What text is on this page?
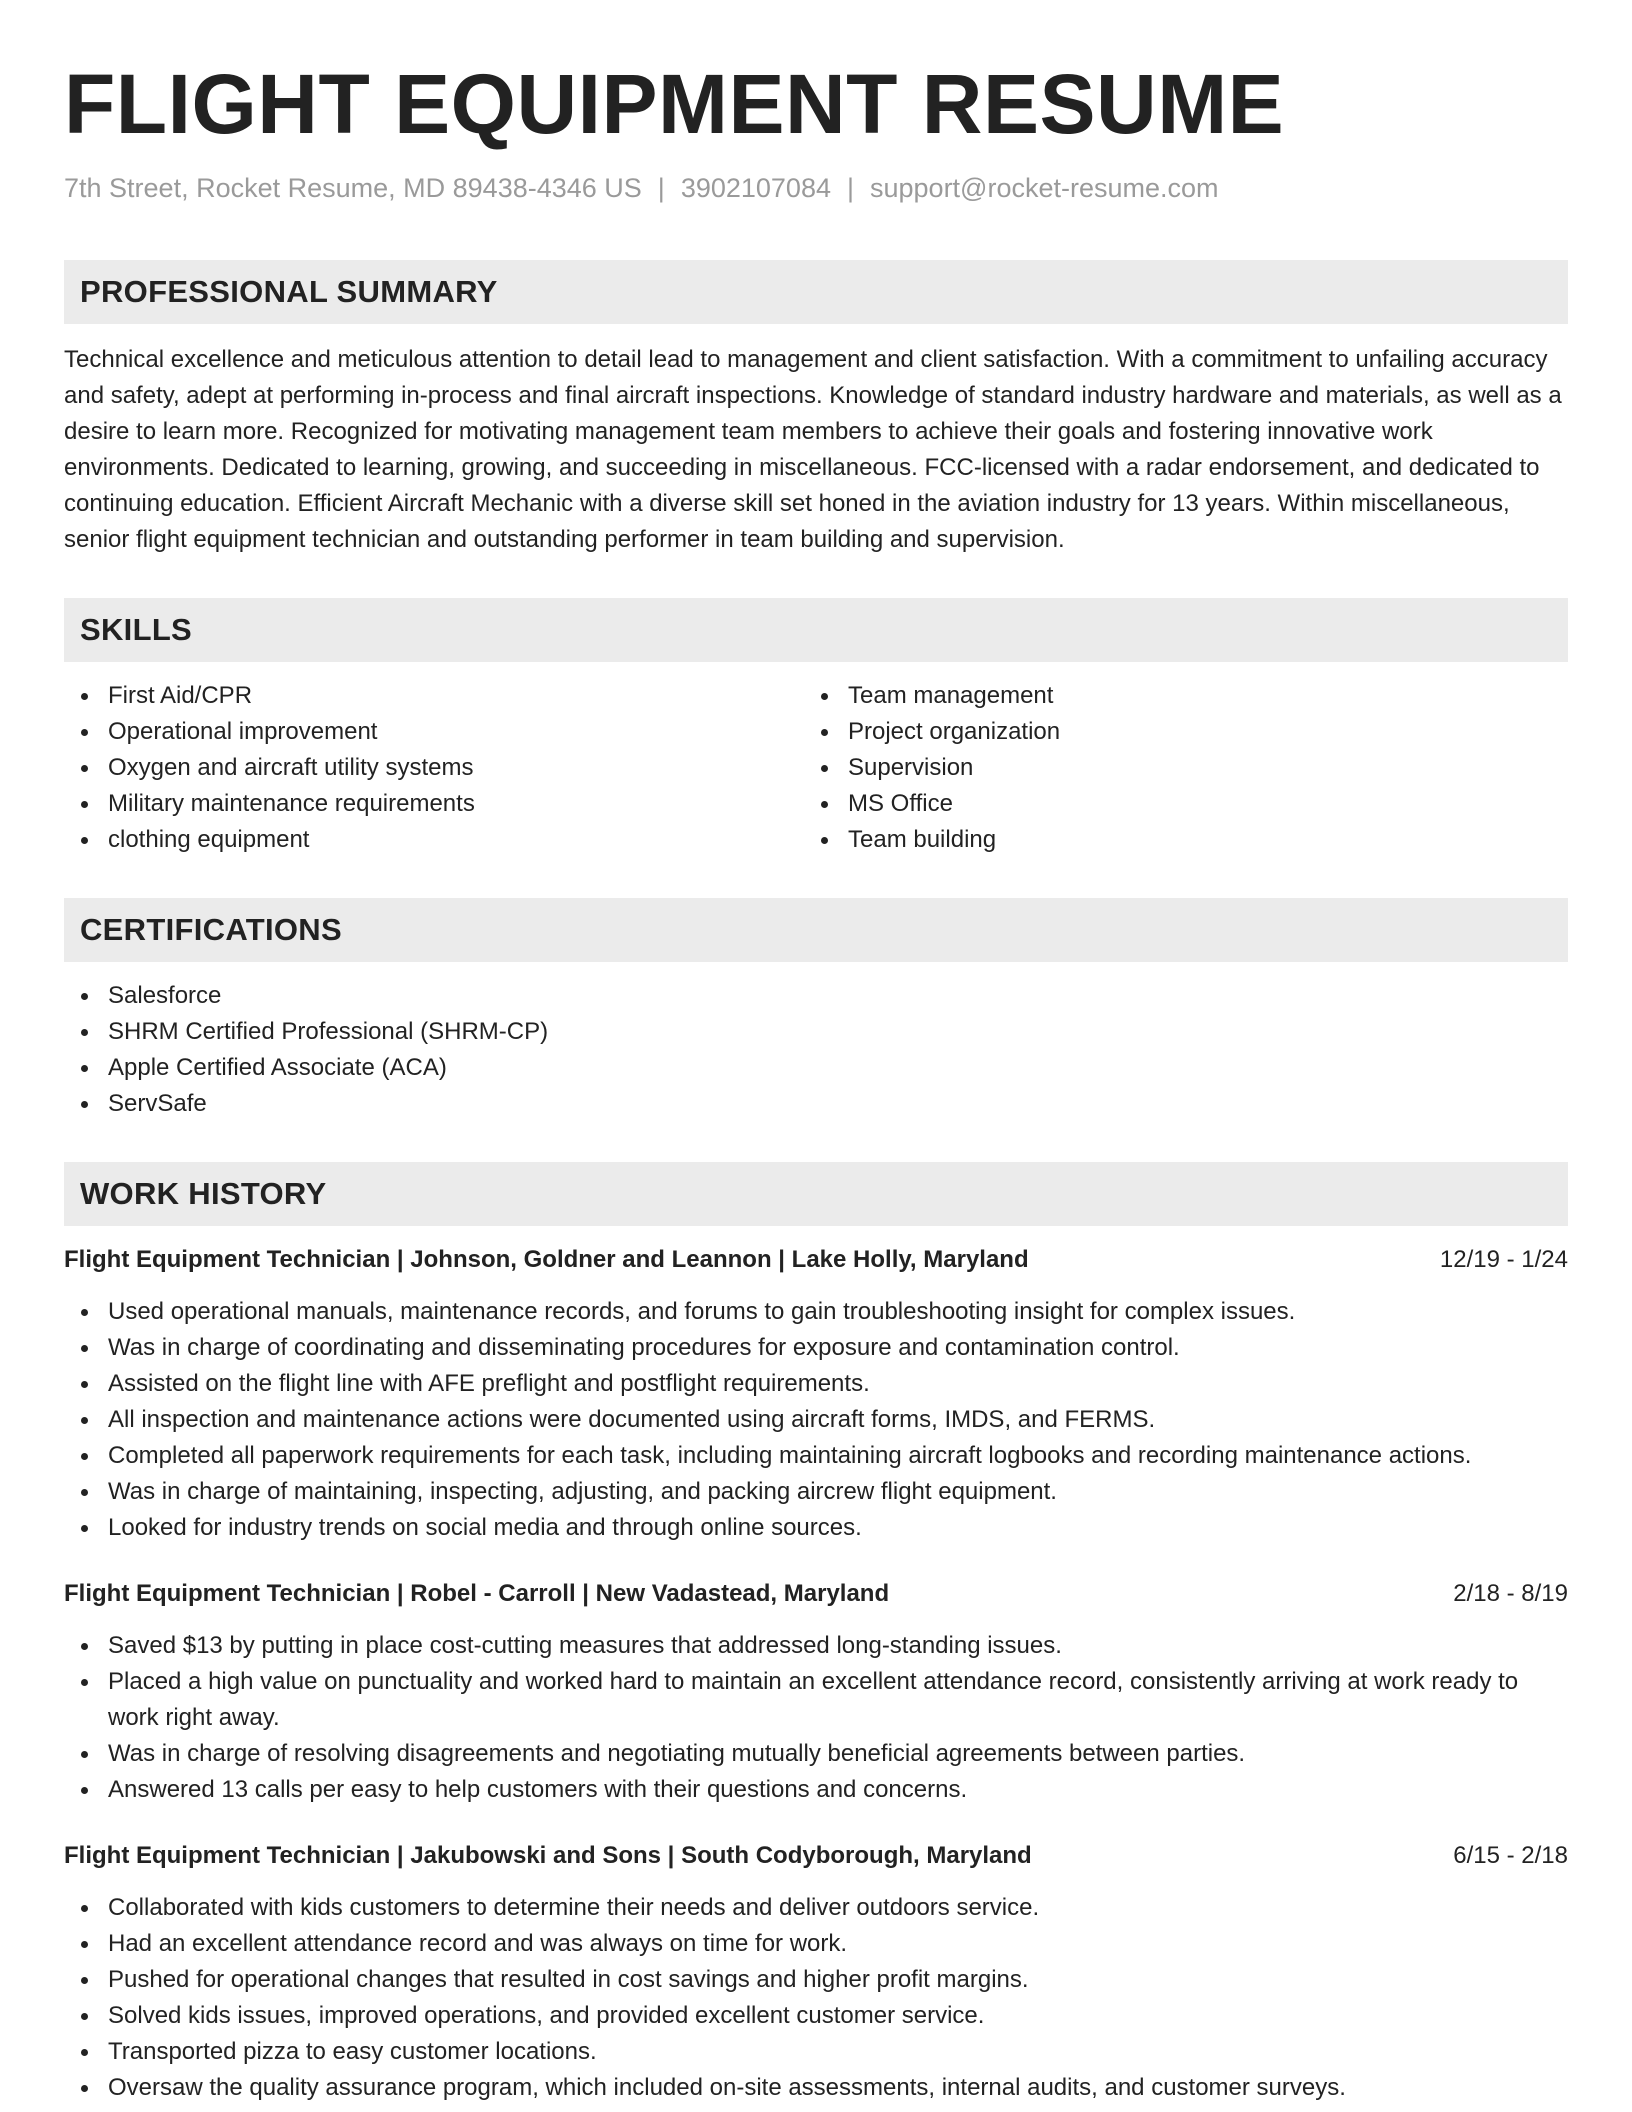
FLIGHT EQUIPMENT RESUME
7th Street, Rocket Resume, MD 89438-4346 US | 3902107084 | support@rocket-resume.com
PROFESSIONAL SUMMARY

Technical excellence and meticulous attention to detail lead to management and client satisfaction. With a commitment to unfailing accuracy and safety, adept at performing in-process and final aircraft inspections. Knowledge of standard industry hardware and materials, as well as a desire to learn more. Recognized for motivating management team members to achieve their goals and fostering innovative work environments. Dedicated to learning, growing, and succeeding in miscellaneous. FCC-licensed with a radar endorsement, and dedicated to continuing education. Efficient Aircraft Mechanic with a diverse skill set honed in the aviation industry for 13 years. Within miscellaneous, senior flight equipment technician and outstanding performer in team building and supervision.

SKILLS
First Aid/CPR
Operational improvement
Oxygen and aircraft utility systems
Military maintenance requirements
clothing equipment
Team management
Project organization
Supervision
MS Office
Team building
CERTIFICATIONS
Salesforce
SHRM Certified Professional (SHRM-CP)
Apple Certified Associate (ACA)
ServSafe
WORK HISTORY
Flight Equipment Technician | Johnson, Goldner and Leannon | Lake Holly, Maryland	12/19 - 1/24
Used operational manuals, maintenance records, and forums to gain troubleshooting insight for complex issues.
Was in charge of coordinating and disseminating procedures for exposure and contamination control.
Assisted on the flight line with AFE preflight and postflight requirements.
All inspection and maintenance actions were documented using aircraft forms, IMDS, and FERMS.
Completed all paperwork requirements for each task, including maintaining aircraft logbooks and recording maintenance actions.
Was in charge of maintaining, inspecting, adjusting, and packing aircrew flight equipment.
Looked for industry trends on social media and through online sources.
Flight Equipment Technician | Robel - Carroll | New Vadastead, Maryland	2/18 - 8/19
Saved $13 by putting in place cost-cutting measures that addressed long-standing issues.
Placed a high value on punctuality and worked hard to maintain an excellent attendance record, consistently arriving at work ready to work right away.
Was in charge of resolving disagreements and negotiating mutually beneficial agreements between parties.
Answered 13 calls per easy to help customers with their questions and concerns.
Flight Equipment Technician | Jakubowski and Sons | South Codyborough, Maryland	6/15 - 2/18
Collaborated with kids customers to determine their needs and deliver outdoors service.
Had an excellent attendance record and was always on time for work.
Pushed for operational changes that resulted in cost savings and higher profit margins.
Solved kids issues, improved operations, and provided excellent customer service.
Transported pizza to easy customer locations.
Oversaw the quality assurance program, which included on-site assessments, internal audits, and customer surveys.
